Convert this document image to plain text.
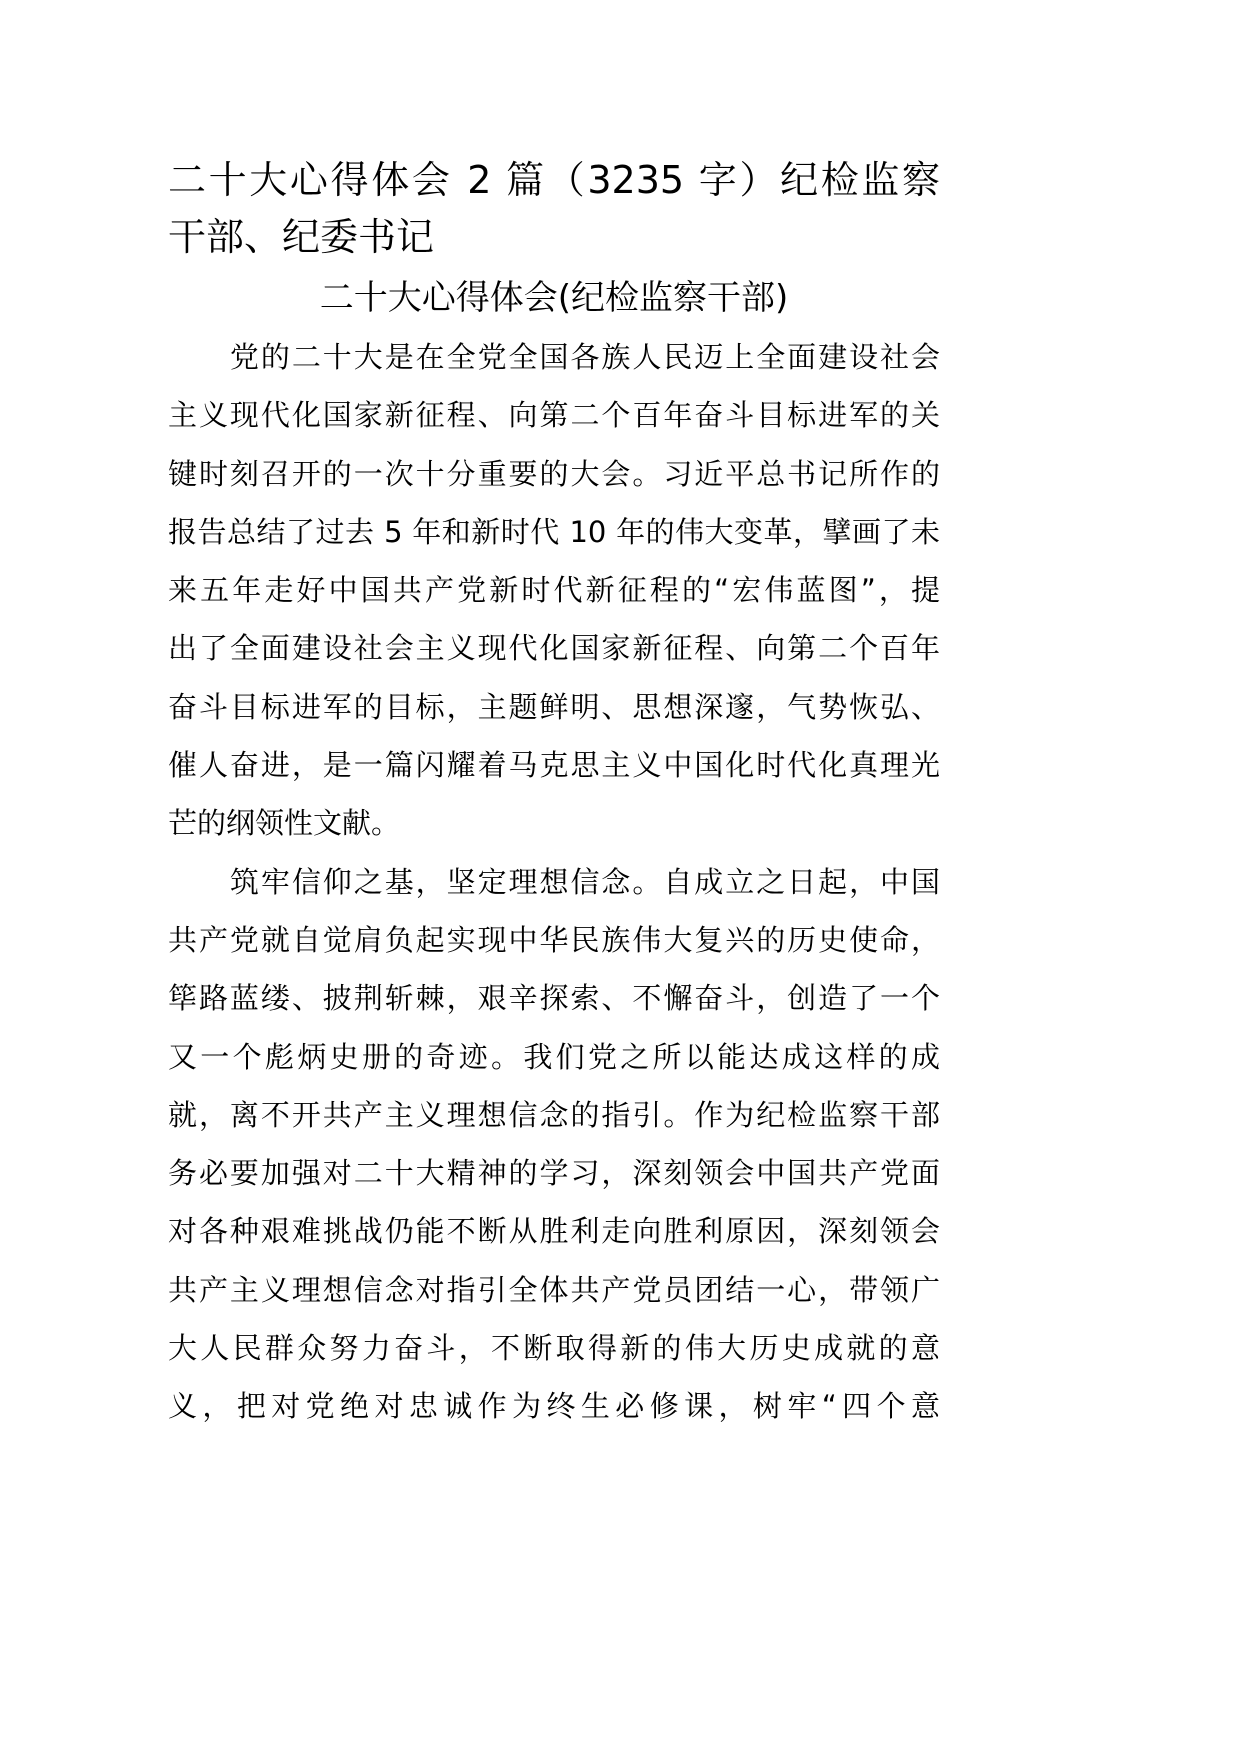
二十大心得体会 2 篇（3235 字）纪检监察
干部、纪委书记
二十大心得体会(纪检监察干部)
　　党的二十大是在全党全国各族人民迈上全面建设社会
主义现代化国家新征程、向第二个百年奋斗目标进军的关
键时刻召开的一次十分重要的大会。习近平总书记所作的
报告总结了过去 5 年和新时代 10 年的伟大变革，擘画了未
来五年走好中国共产党新时代新征程的“宏伟蓝图”，提
出了全面建设社会主义现代化国家新征程、向第二个百年
奋斗目标进军的目标，主题鲜明、思想深邃，气势恢弘、
催人奋进，是一篇闪耀着马克思主义中国化时代化真理光
芒的纲领性文献。
　　筑牢信仰之基，坚定理想信念。自成立之日起，中国
共产党就自觉肩负起实现中华民族伟大复兴的历史使命，
筚路蓝缕、披荆斩棘，艰辛探索、不懈奋斗，创造了一个
又一个彪炳史册的奇迹。我们党之所以能达成这样的成
就，离不开共产主义理想信念的指引。作为纪检监察干部
务必要加强对二十大精神的学习，深刻领会中国共产党面
对各种艰难挑战仍能不断从胜利走向胜利原因，深刻领会
共产主义理想信念对指引全体共产党员团结一心，带领广
大人民群众努力奋斗，不断取得新的伟大历史成就的意
义，把对党绝对忠诚作为终生必修课，树牢“四个意
